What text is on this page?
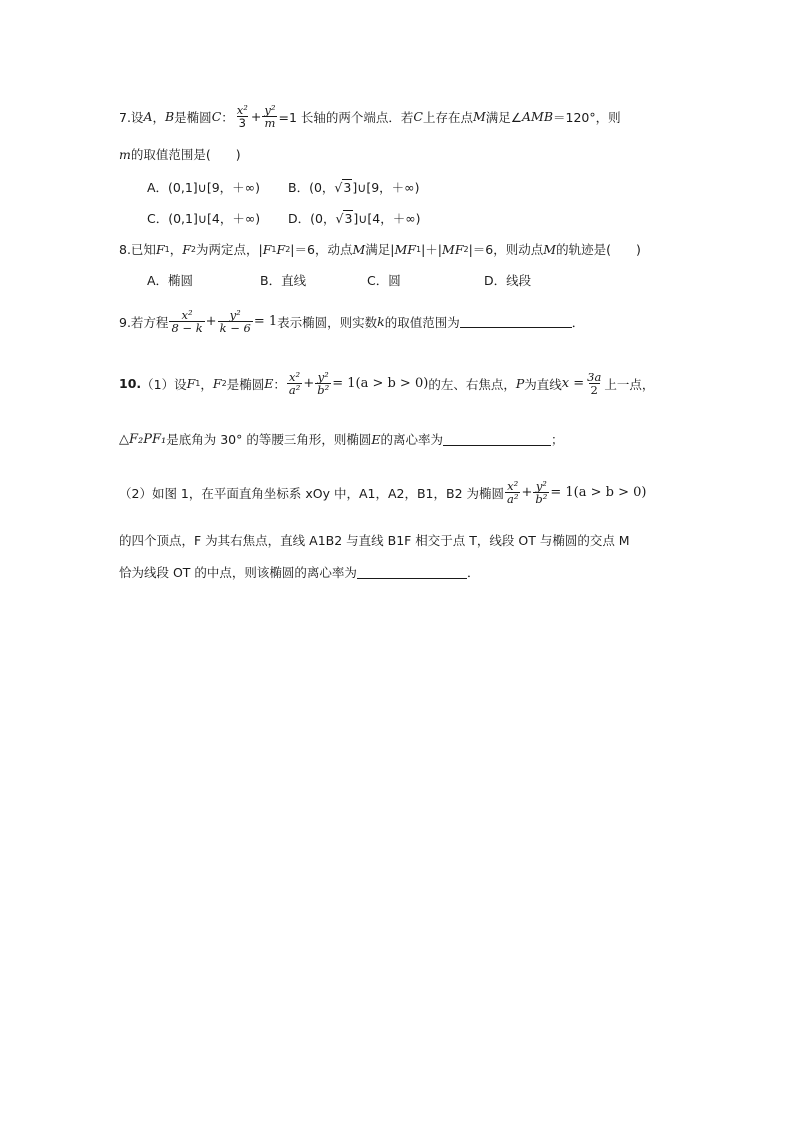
7.设 A ， B 是椭圆 C ： $\frac{\text{x²}}{3} + \frac{\text{y²}}{m} =1$ 长轴的两个端点．若 C 上存在点 M 满足∠ AMB ＝120°，则
m 的取值范围是(　　)
A．(0,1]∪[9，＋∞) B．(0，√3]∪[9，＋∞)
C．(0,1]∪[4，＋∞) D．(0，√3]∪[4，＋∞)
8.已知 F 1 ， F 2 为两定点，| F 1 F 2 |＝6，动点 M 满足| MF 1 |＋| MF 2 |＝6，则动点 M 的轨迹是(　　)
A．椭圆	B．直线	C．圆	D．线段
9.若方程 $\frac{\text{x²}}{8 - k} + \frac{\text{y²}}{k - 6} = 1$ 表示椭圆，则实数 k 的取值范围为	．
10. （1）设 F 1 ， F 2 是椭圆 E ： $\frac{\text{x²}}{\text{a²}} + \frac{\text{y²}}{\text{b²}} = 1(a > b > 0)$ 的左、右焦点， P 为直线 $x = \frac{3a}{2}$ 上一点，
△F₂PF₁ 是底角为 30° 的等腰三角形，则椭圆 E 的离心率为	；
（2）如图 1，在平面直角坐标系 xOy 中，A1，A2，B1，B2 为椭圆 $\frac{\text{x²}}{\text{a²}} + \frac{\text{y²}}{\text{b²}} = 1(a > b > 0)$
的四个顶点，F 为其右焦点，直线 A1B2 与直线 B1F 相交于点 T，线段 OT 与椭圆的交点 M
恰为线段 OT 的中点，则该椭圆的离心率为	．
